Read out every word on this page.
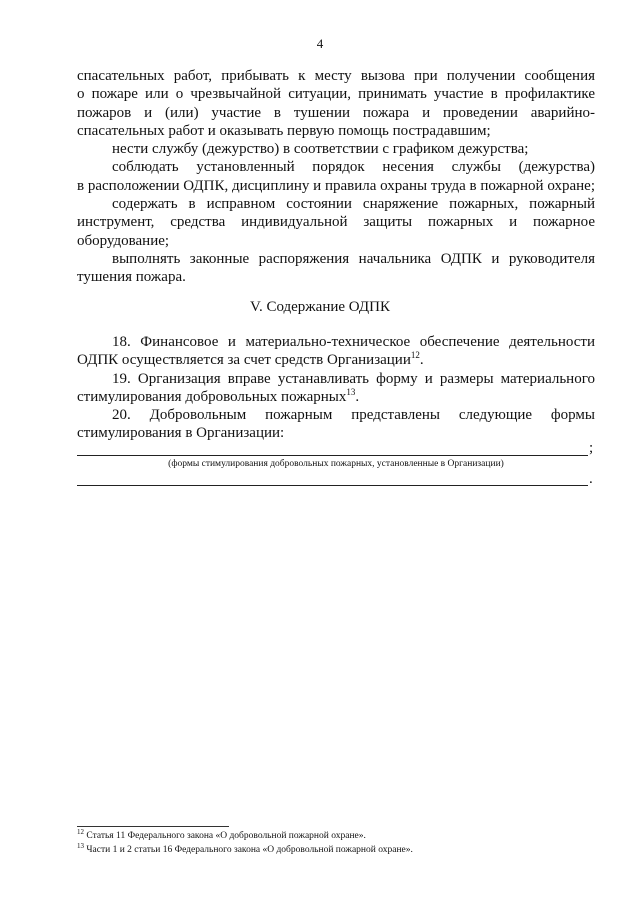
4
спасательных работ, прибывать к месту вызова при получении сообщения
о пожаре или о чрезвычайной ситуации, принимать участие в профилактике
пожаров и (или) участие в тушении пожара и проведении аварийно-
спасательных работ и оказывать первую помощь пострадавшим;
нести службу (дежурство) в соответствии с графиком дежурства;
соблюдать установленный порядок несения службы (дежурства)
в расположении ОДПК, дисциплину и правила охраны труда в пожарной охране;
содержать в исправном состоянии снаряжение пожарных, пожарный
инструмент, средства индивидуальной защиты пожарных и пожарное
оборудование;
выполнять законные распоряжения начальника ОДПК и руководителя
тушения пожара.
V. Содержание ОДПК
18. Финансовое и материально-техническое обеспечение деятельности
ОДПК осуществляется за счет средств Организации$^{12}$.
19. Организация вправе устанавливать форму и размеры материального
стимулирования добровольных пожарных$^{13}$.
20. Добровольным пожарным представлены следующие формы
стимулирования в Организации:
;
(формы стимулирования добровольных пожарных, установленные в Организации)
.
$^{12}$ Статья 11 Федерального закона «О добровольной пожарной охране».
$^{13}$ Части 1 и 2 статьи 16 Федерального закона «О добровольной пожарной охране».
